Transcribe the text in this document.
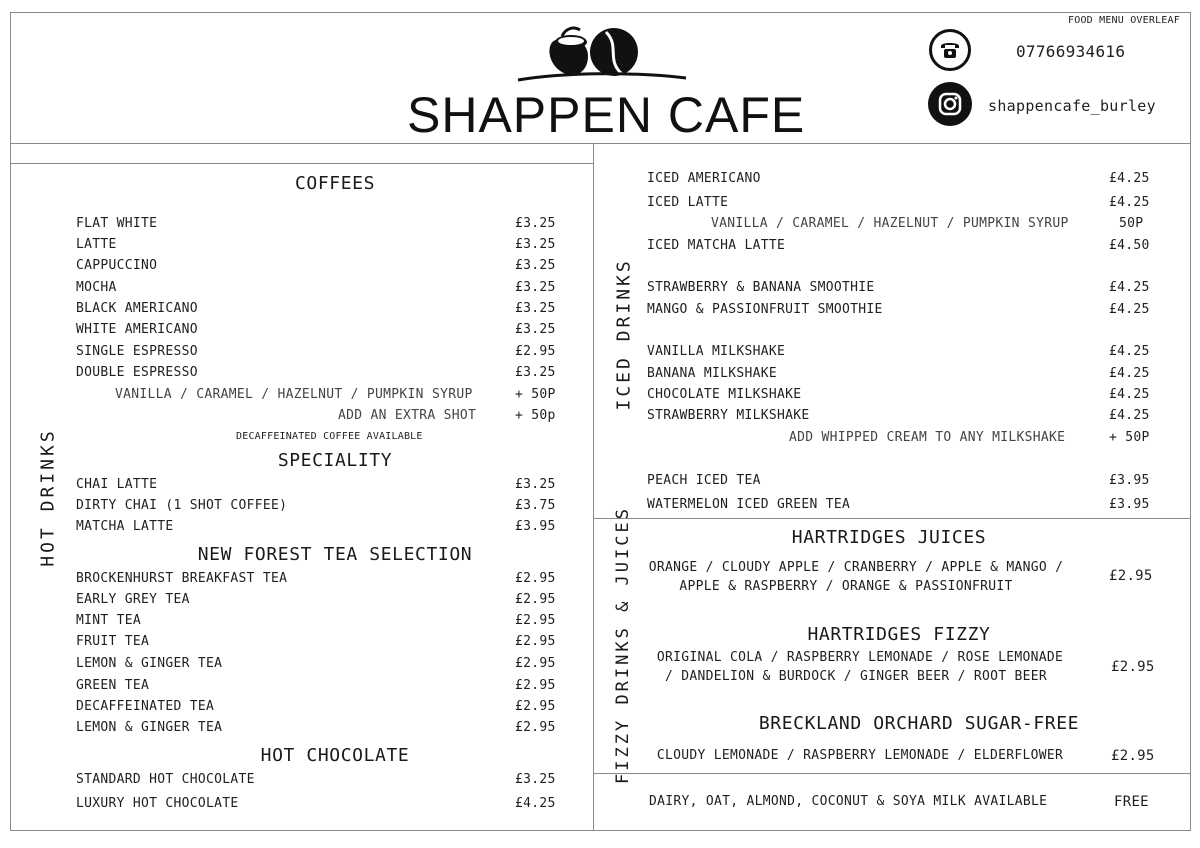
SHAPPEN CAFE
FOOD MENU OVERLEAF
07766934616
shappencafe_burley
HOT DRINKS
COFFEES
FLAT WHITE	£3.25
LATTE	£3.25
CAPPUCCINO	£3.25
MOCHA	£3.25
BLACK AMERICANO	£3.25
WHITE AMERICANO	£3.25
SINGLE ESPRESSO	£2.95
DOUBLE ESPRESSO	£3.25
VANILLA / CARAMEL / HAZELNUT / PUMPKIN SYRUP	+ 50P
ADD AN EXTRA SHOT	+ 50p
DECAFFEINATED COFFEE AVAILABLE
SPECIALITY
CHAI LATTE	£3.25
DIRTY CHAI (1 SHOT COFFEE)	£3.75
MATCHA LATTE	£3.95
NEW FOREST TEA SELECTION
BROCKENHURST BREAKFAST TEA	£2.95
EARLY GREY TEA	£2.95
MINT TEA	£2.95
FRUIT TEA	£2.95
LEMON & GINGER TEA	£2.95
GREEN TEA	£2.95
DECAFFEINATED TEA	£2.95
LEMON & GINGER TEA	£2.95
HOT CHOCOLATE
STANDARD HOT CHOCOLATE	£3.25
LUXURY HOT CHOCOLATE	£4.25
ICED DRINKS
ICED AMERICANO	£4.25
ICED LATTE	£4.25
VANILLA / CARAMEL / HAZELNUT / PUMPKIN SYRUP	50P
ICED MATCHA LATTE	£4.50
STRAWBERRY & BANANA SMOOTHIE	£4.25
MANGO & PASSIONFRUIT SMOOTHIE	£4.25
VANILLA MILKSHAKE	£4.25
BANANA MILKSHAKE	£4.25
CHOCOLATE MILKSHAKE	£4.25
STRAWBERRY MILKSHAKE	£4.25
ADD WHIPPED CREAM TO ANY MILKSHAKE	+ 50P
PEACH ICED TEA	£3.95
WATERMELON ICED GREEN TEA	£3.95
FIZZY DRINKS & JUICES	HARTRIDGES JUICES
ORANGE / CLOUDY APPLE / CRANBERRY / APPLE & MANGO /
APPLE & RASPBERRY / ORANGE & PASSIONFRUIT
£2.95
HARTRIDGES FIZZY
ORIGINAL COLA / RASPBERRY LEMONADE / ROSE LEMONADE
/ DANDELION & BURDOCK / GINGER BEER / ROOT BEER
£2.95
BRECKLAND ORCHARD SUGAR-FREE
CLOUDY LEMONADE / RASPBERRY LEMONADE / ELDERFLOWER	£2.95
DAIRY, OAT, ALMOND, COCONUT & SOYA MILK AVAILABLE	FREE
